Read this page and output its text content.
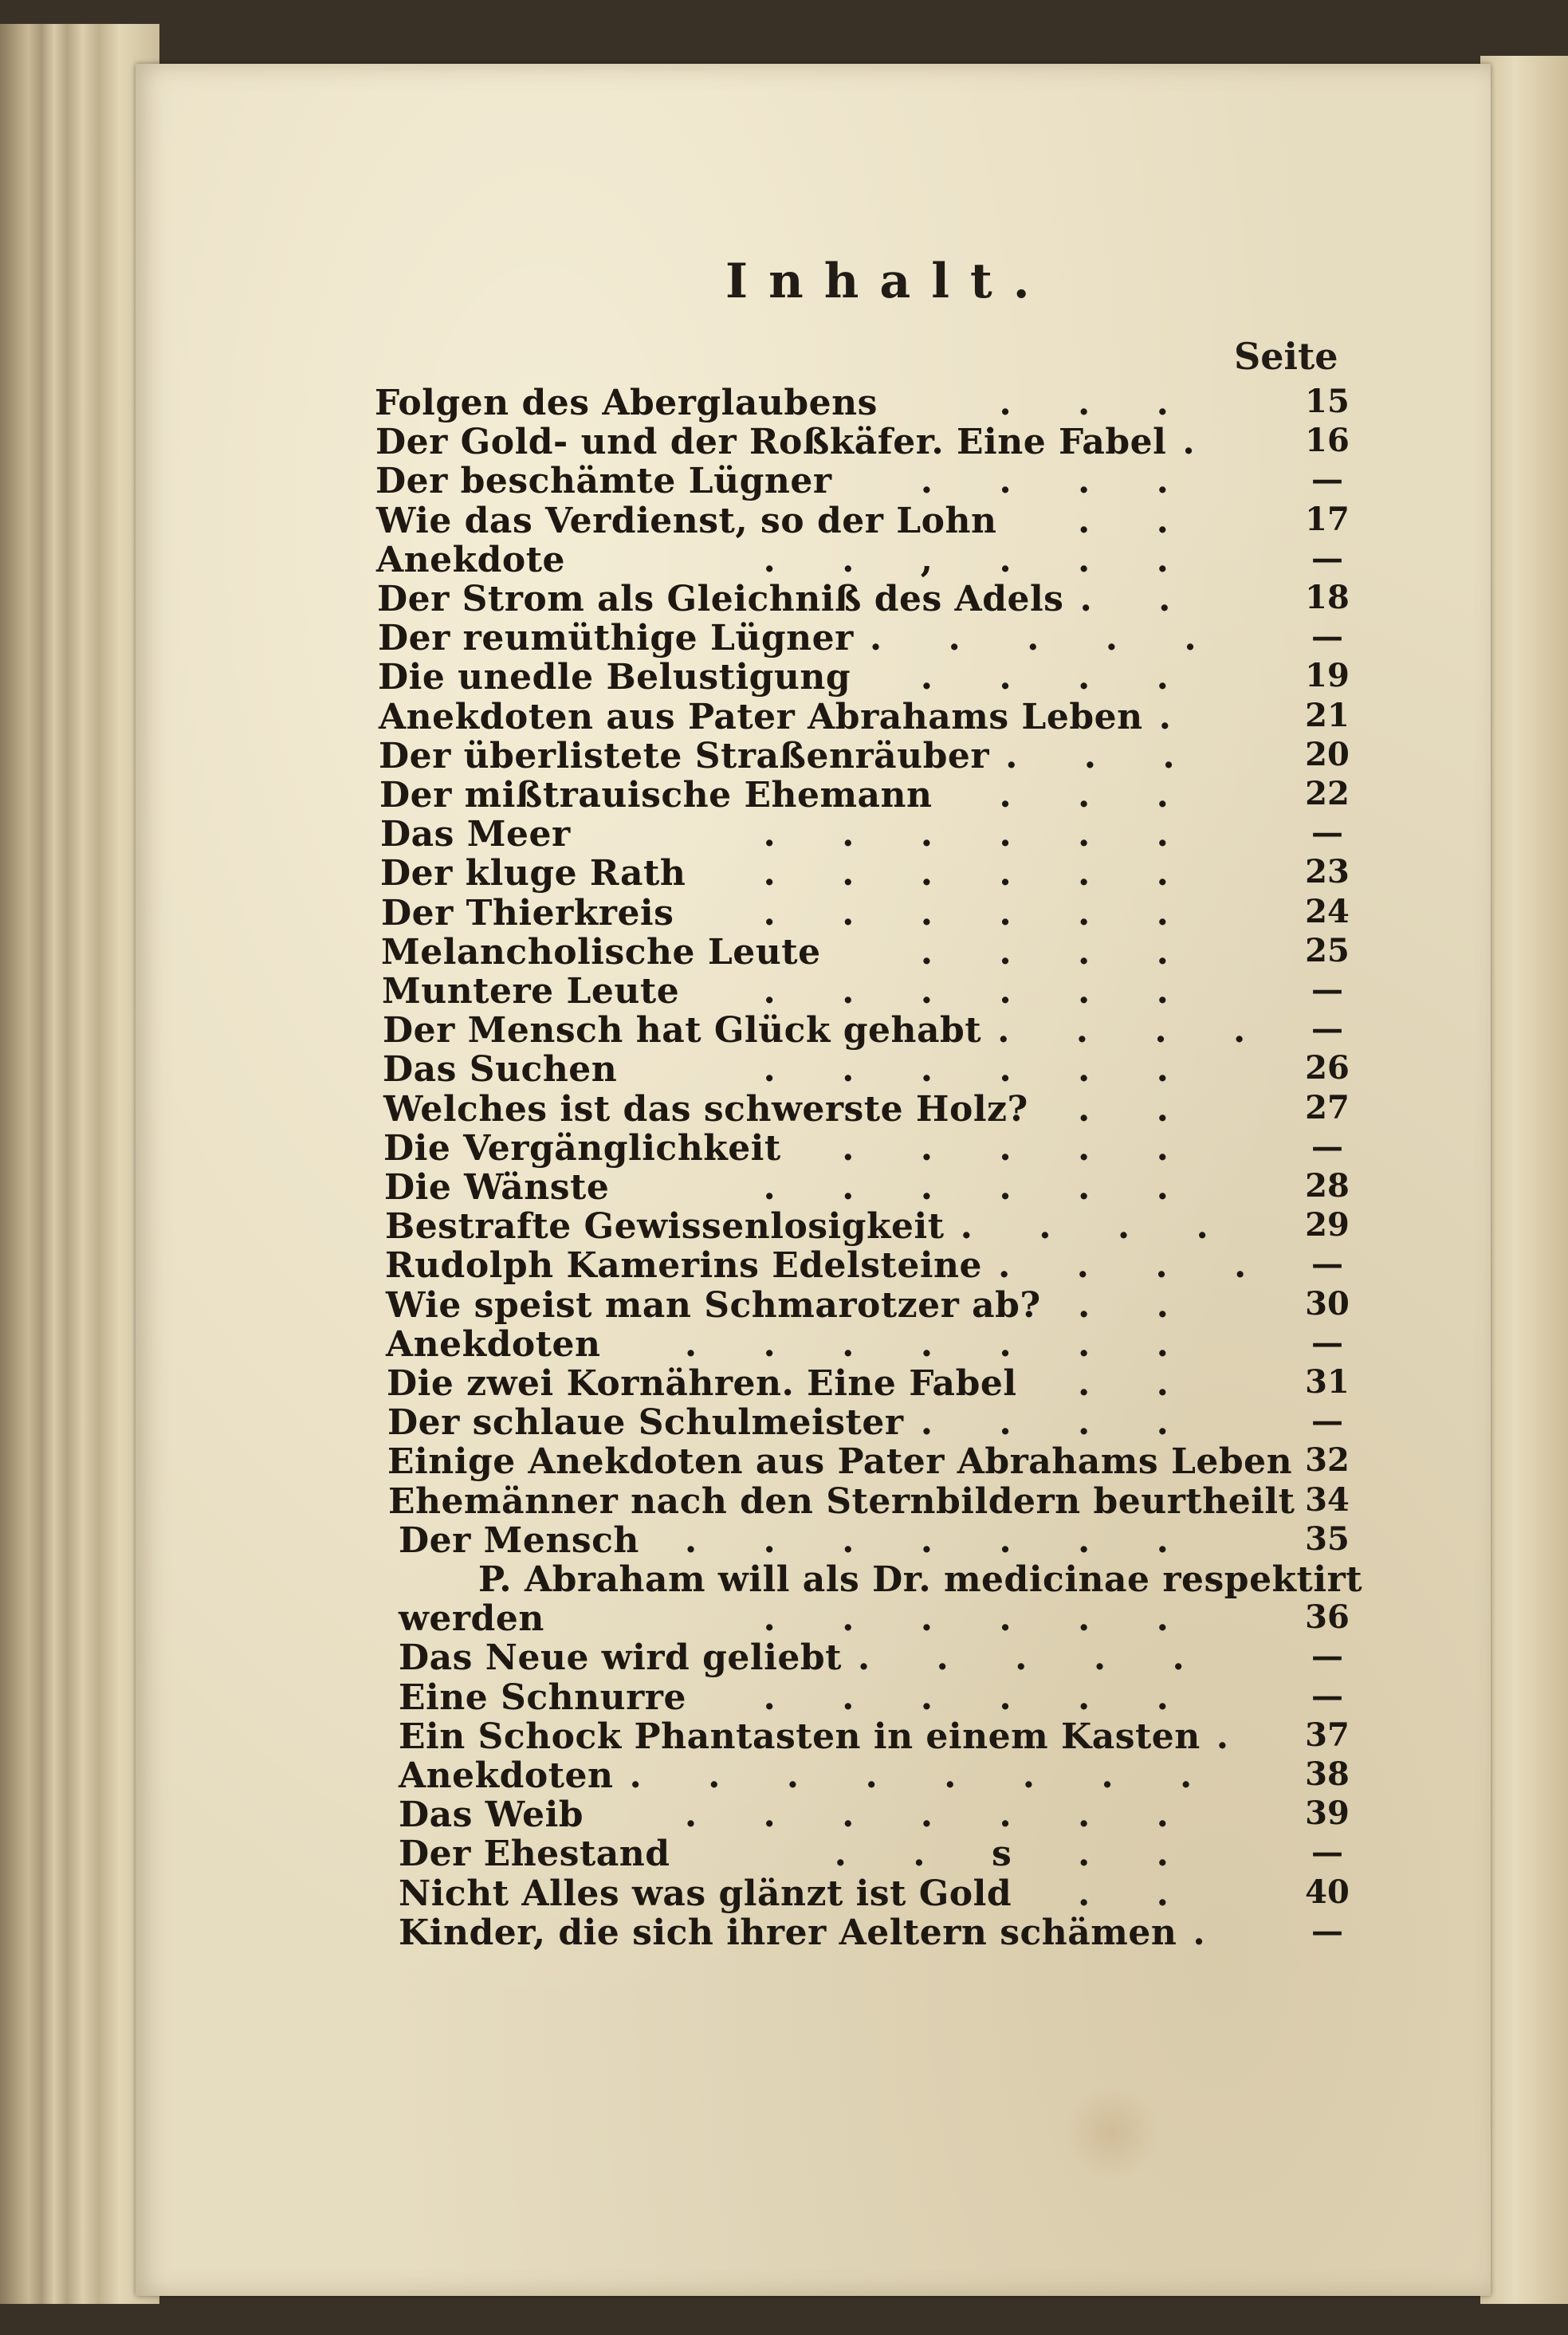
Inhalt.
Seite
Folgen des Aberglaubens	. . .	15
Der Gold- und der Roßkäfer. Eine Fabel .	16
Der beschämte Lügner	. . . .	—
Wie das Verdienst, so der Lohn . .	17
Anekdote	. . , . . .	—
Der Strom als Gleichniß des Adels . .	18
Der reumüthige Lügner . . . . .	—
Die unedle Belustigung . . . .	19
Anekdoten aus Pater Abrahams Leben .	21
Der überlistete Straßenräuber . . .	20
Der mißtrauische Ehemann . . .	22
Das Meer	. . . . . .	—
Der kluge Rath . . . . . .	23
Der Thierkreis	. . . . . .	24
Melancholische Leute	. . . .	25
Muntere Leute . . . . . .	—
Der Mensch hat Glück gehabt . . . .	—
Das Suchen	. . . . . .	26
Welches ist das schwerste Holz? . .	27
Die Vergänglichkeit . . . . .	—
Die Wänste	. . . . . .	28
Bestrafte Gewissenlosigkeit . . . .	29
Rudolph Kamerins Edelsteine . . . .	—
Wie speist man Schmarotzer ab? . .	30
Anekdoten . . . . . . .	—
Die zwei Kornähren. Eine Fabel . .	31
Der schlaue Schulmeister . . . .	—
Einige Anekdoten aus Pater Abrahams Leben 32
Ehemänner nach den Sternbildern beurtheilt 34
Der Mensch . . . . . . .	35
P. Abraham will als Dr. medicinae respektirt
werden	. . . . . .	36
Das Neue wird geliebt . . . . .	—
Eine Schnurre . . . . . .	—
Ein Schock Phantasten in einem Kasten .	37
Anekdoten . . . . . . . .	38
Das Weib	. . . . . . .	39
Der Ehestand	. . s . .	—
Nicht Alles was glänzt ist Gold . .	40
Kinder, die sich ihrer Aeltern schämen .	—
